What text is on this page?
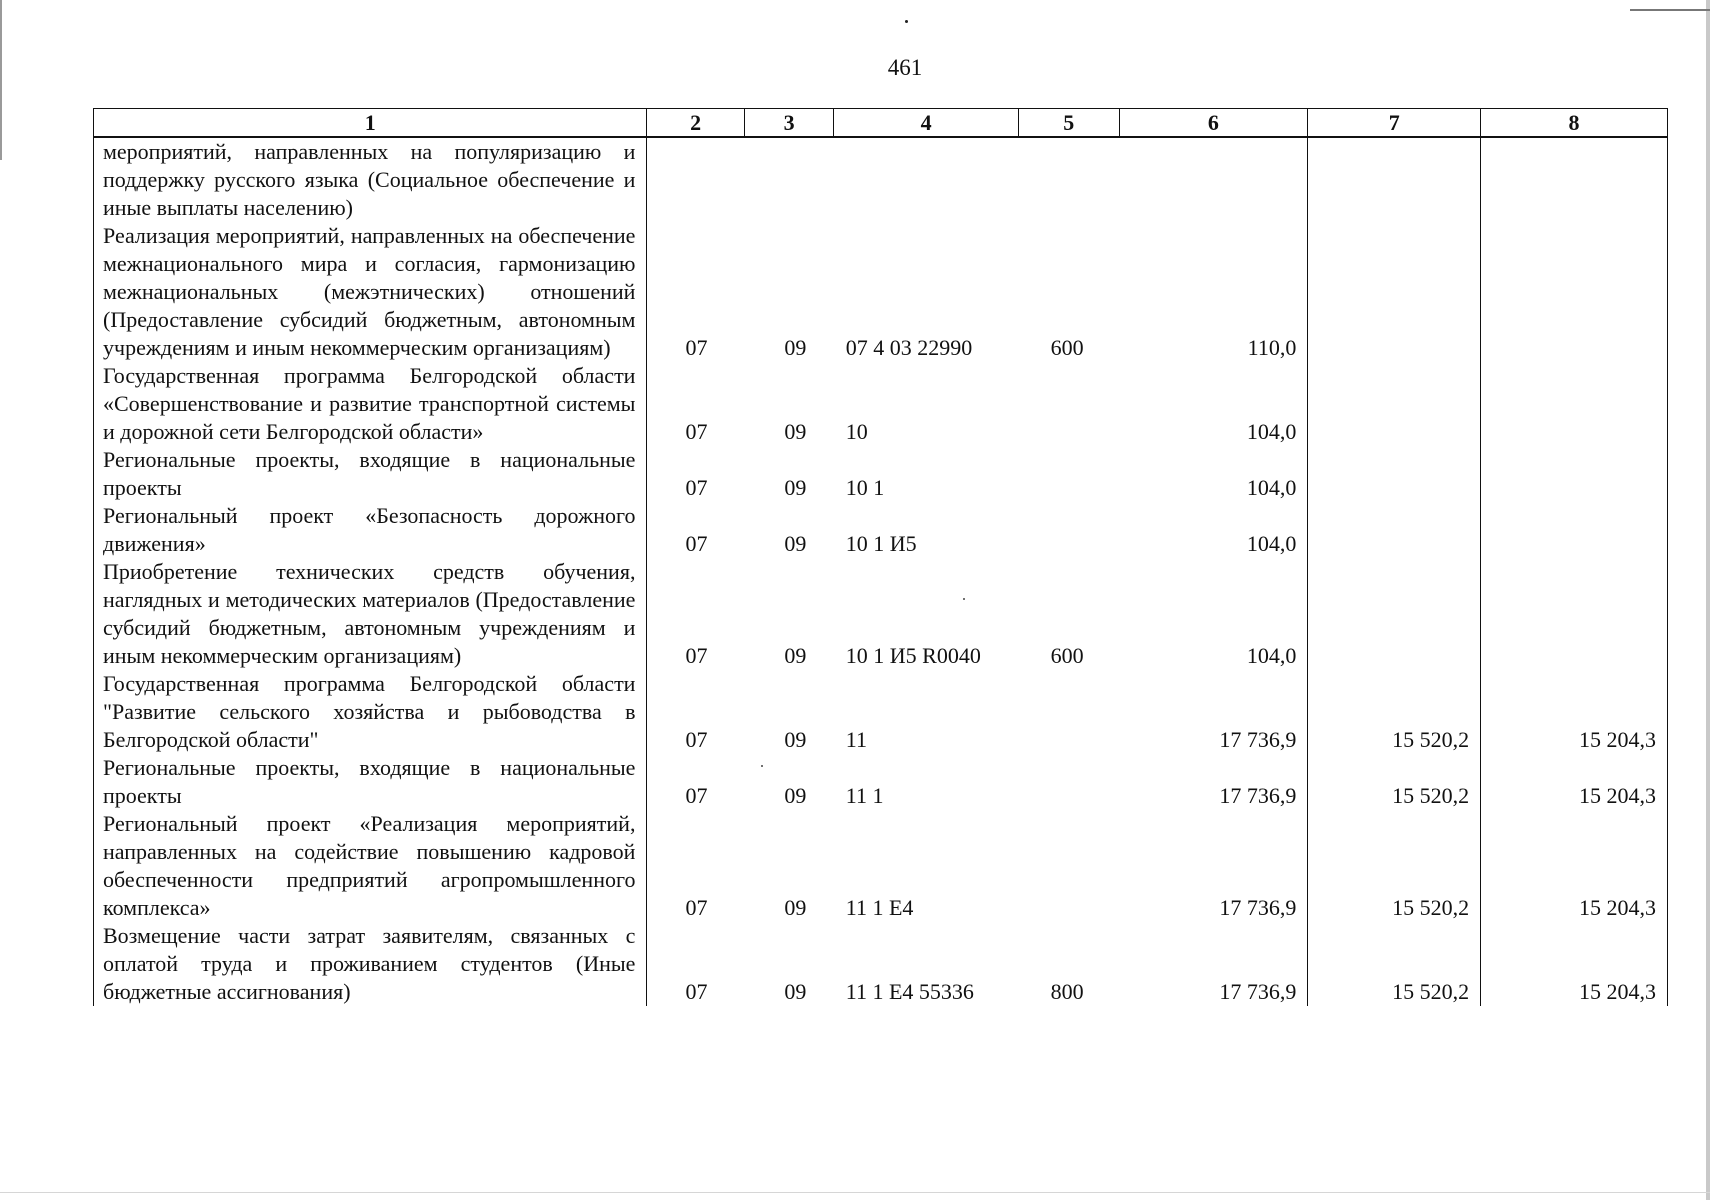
461
1	2	3	4	5	6	7	8
мероприятий, направленных на популяризацию и поддержку русского языка (Социальное обеспечение и иные выплаты населению)							
Реализация мероприятий, направленных на обеспечение межнационального мира и согласия, гармонизацию межнациональных (межэтнических) отношений (Предоставление субсидий бюджетным, автономным учреждениям и иным некоммерческим организациям)	07	09	07 4 03 22990	600	110,0		
Государственная программа Белгородской области «Совершенствование и развитие транспортной системы и дорожной сети Белгородской области»	07	09	10		104,0		
Региональные проекты, входящие в национальные проекты	07	09	10 1		104,0		
Региональный проект «Безопасность дорожного движения»	07	09	10 1 И5		104,0		
Приобретение технических средств обучения, наглядных и методических материалов (Предоставление субсидий бюджетным, автономным учреждениям и иным некоммерческим организациям)	07	09	10 1 И5 R0040	600	104,0		
Государственная программа Белгородской области "Развитие сельского хозяйства и рыбоводства в Белгородской области"	07	09	11		17 736,9	15 520,2	15 204,3
Региональные проекты, входящие в национальные проекты	07	09	11 1		17 736,9	15 520,2	15 204,3
Региональный проект «Реализация мероприятий, направленных на содействие повышению кадровой обеспеченности предприятий агропромышленного комплекса»	07	09	11 1 E4		17 736,9	15 520,2	15 204,3
Возмещение части затрат заявителям, связанных с оплатой труда и проживанием студентов (Иные бюджетные ассигнования)	07	09	11 1 E4 55336	800	17 736,9	15 520,2	15 204,3
